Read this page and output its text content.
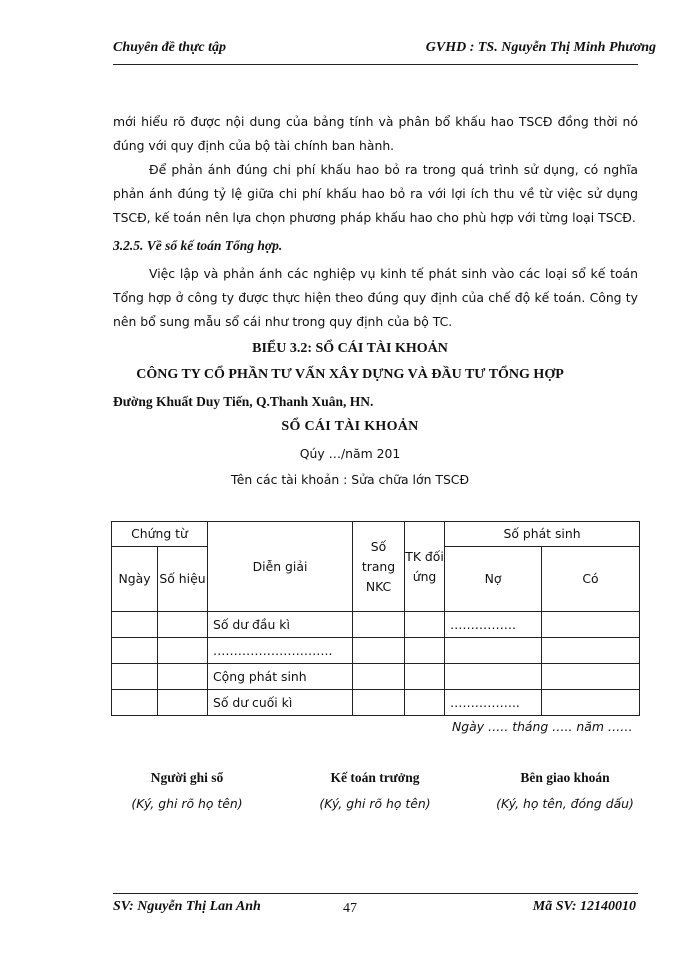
Chuyên đề thực tập	GVHD : TS. Nguyễn Thị Minh Phương
mới hiểu rõ được nội dung của bảng tính và phân bổ khấu hao TSCĐ đồng thời nó đúng với quy định của bộ tài chính ban hành.
Để phản ánh đúng chi phí khấu hao bỏ ra trong quá trình sử dụng, có nghĩa phản ánh đúng tỷ lệ giữa chi phí khấu hao bỏ ra với lợi ích thu về từ việc sử dụng TSCĐ, kế toán nên lựa chọn phương pháp khấu hao cho phù hợp với từng loại TSCĐ.
3.2.5. Về sổ kế toán Tổng hợp.
Việc lập và phản ánh các nghiệp vụ kinh tế phát sinh vào các loại sổ kế toán Tổng hợp ở công ty được thực hiện theo đúng quy định của chế độ kế toán. Công ty nên bổ sung mẫu sổ cái như trong quy định của bộ TC.
BIỂU 3.2: SỔ CÁI TÀI KHOẢN
CÔNG TY CỔ PHẦN TƯ VẤN XÂY DỰNG VÀ ĐẦU TƯ TỔNG HỢP
Đường Khuất Duy Tiến, Q.Thanh Xuân, HN.
SỔ CÁI TÀI KHOẢN
Qúy …/năm 201
Tên các tài khoản : Sửa chữa lớn TSCĐ
Chứng từ		Diễn giải	Số trang NKC	TK đối ứng	Số phát sinh	
Ngày	Số hiệu				Nợ	Có
		Số dư đầu kì			…………….	
		………………………..				
		Cộng phát sinh				
		Số dư cuối kì			……………..	
Ngày ….. tháng ….. năm ……
Người ghi sổ
(Ký, ghi rõ họ tên)
Kế toán trưởng
(Ký, ghi rõ họ tên)
Bên giao khoán
(Ký, họ tên, đóng dấu)
SV: Nguyễn Thị Lan Anh	47	Mã SV: 12140010
